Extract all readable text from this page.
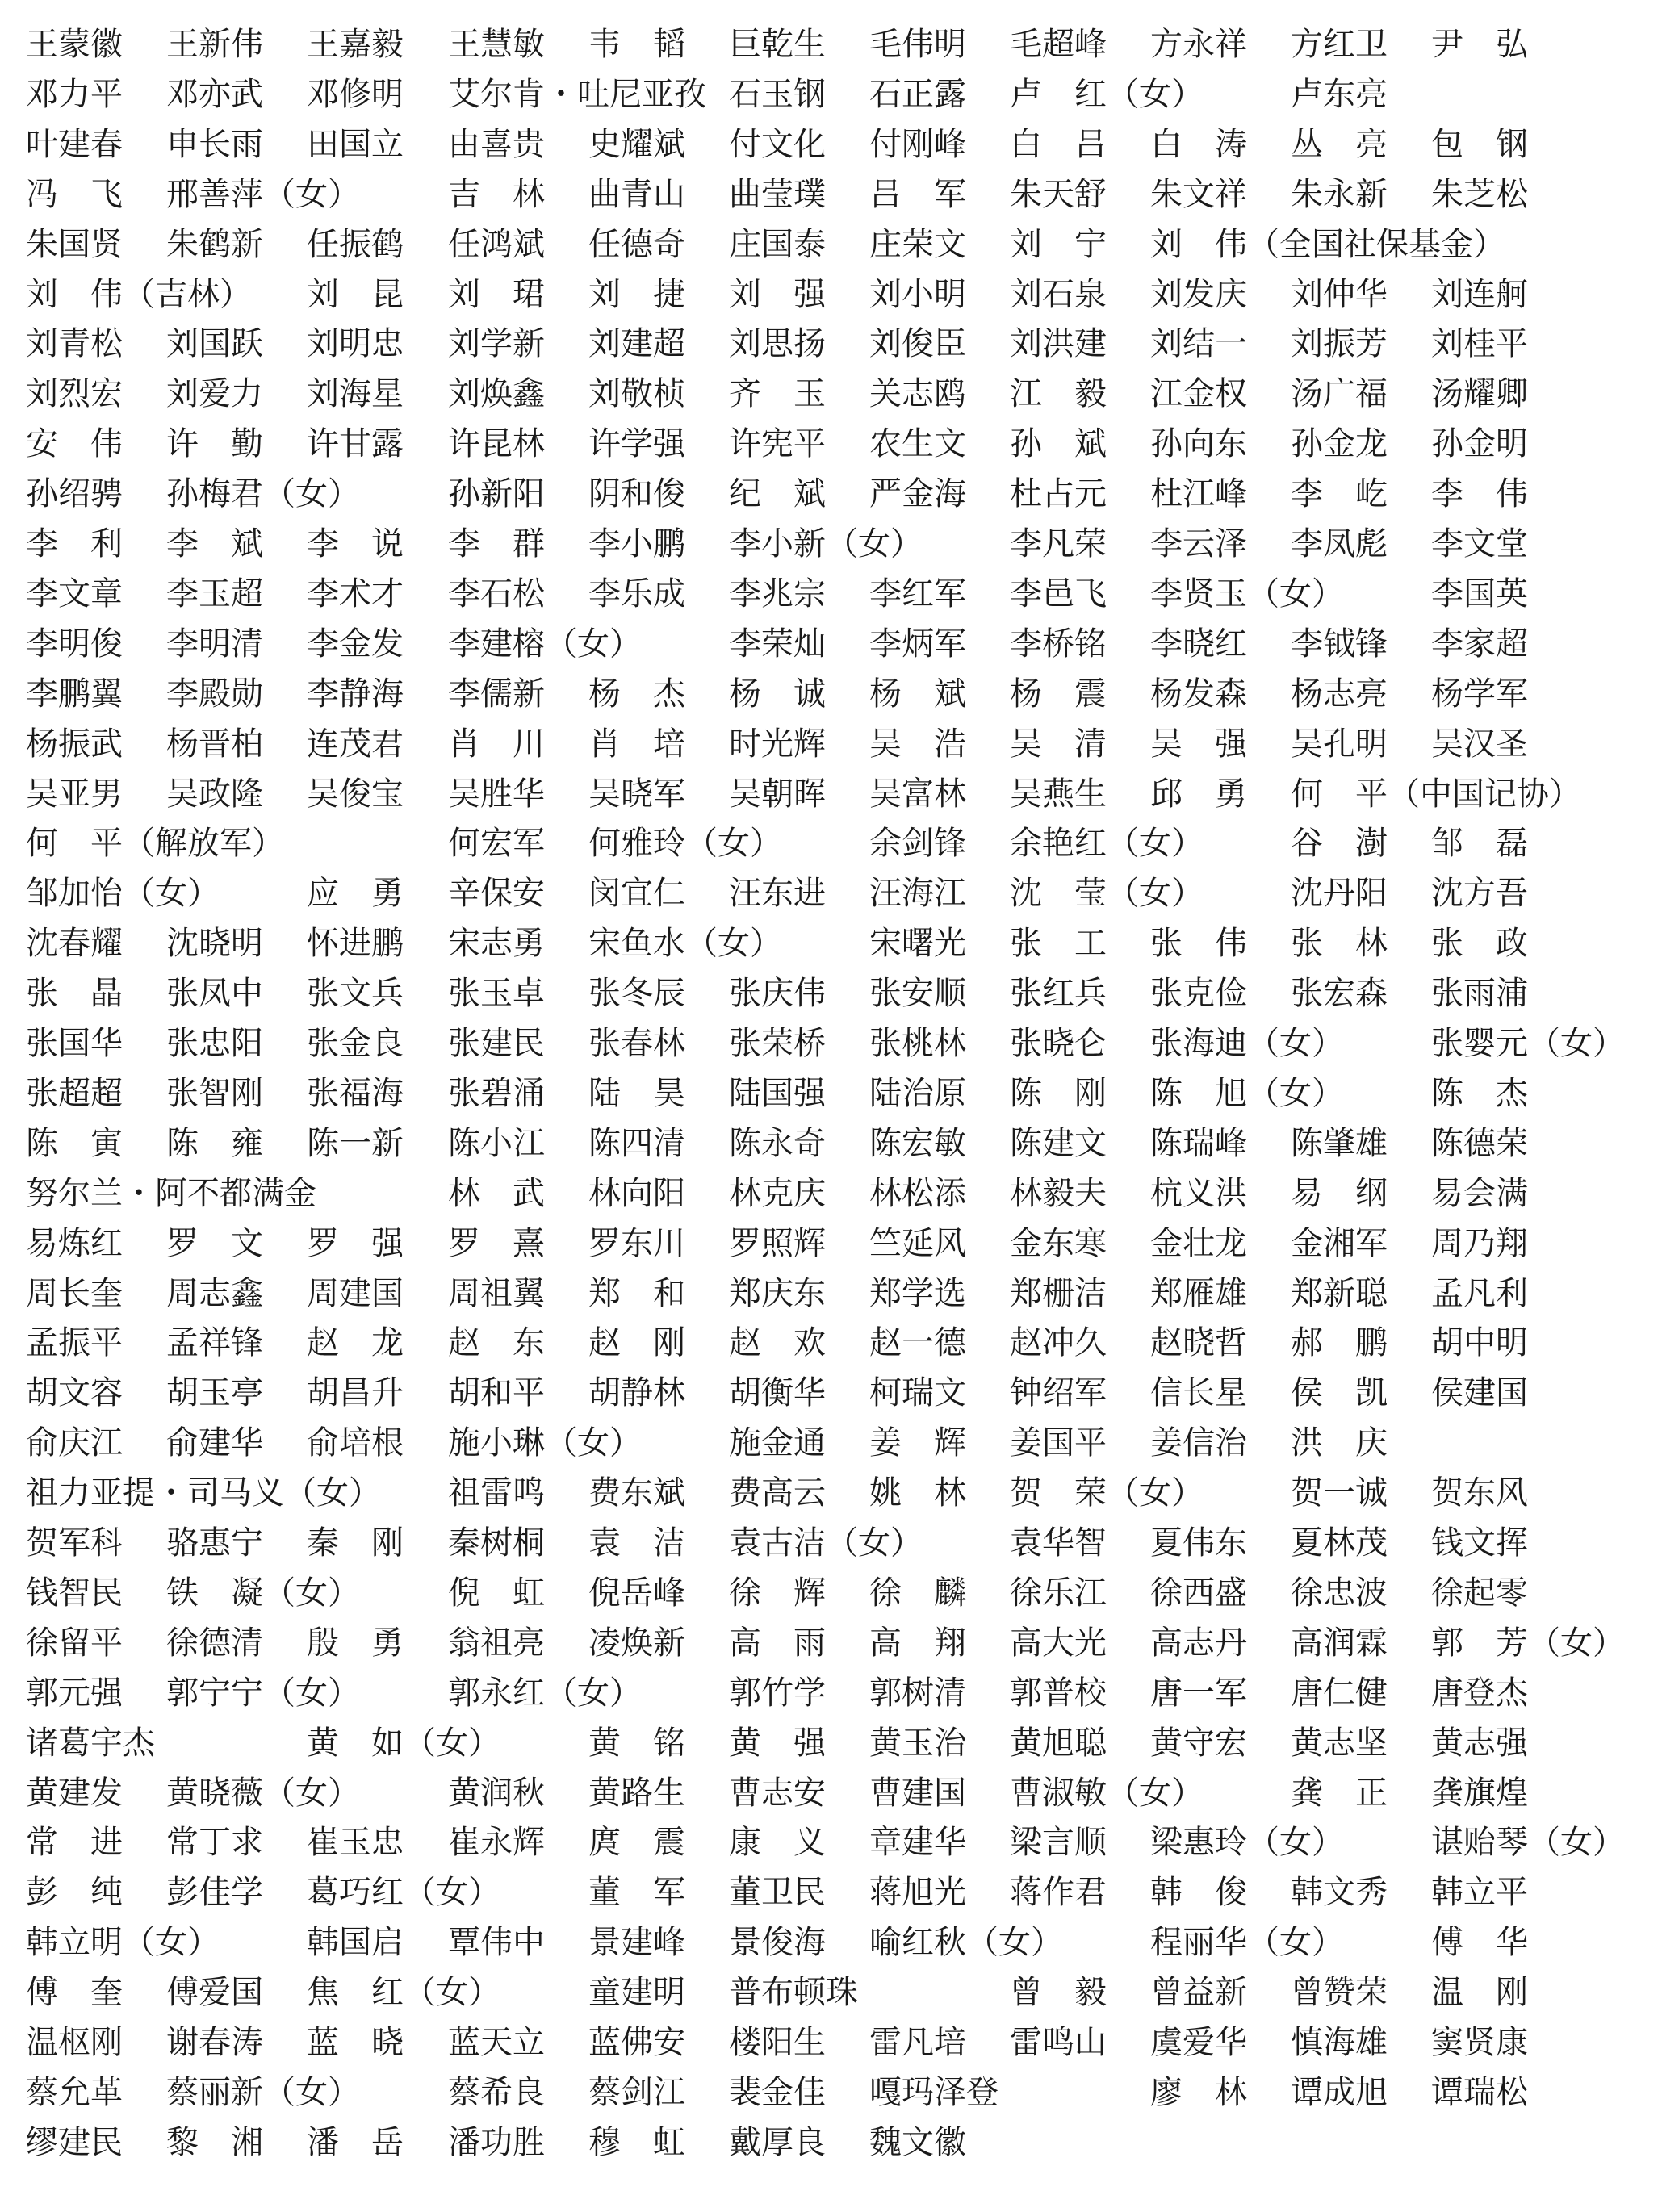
王蒙徽 王新伟 王嘉毅 王慧敏 韦　韬 巨乾生 毛伟明 毛超峰 方永祥 方红卫 尹　弘
邓力平 邓亦武 邓修明 艾尔肯・吐尼亚孜 石玉钢 石正露 卢　红（女）	卢东亮
叶建春 申长雨 田国立 由喜贵 史耀斌 付文化 付刚峰 白　吕 白　涛 丛　亮 包　钢
冯　飞 邢善萍（女）	吉　林 曲青山 曲莹璞 吕　军 朱天舒 朱文祥 朱永新 朱芝松
朱国贤 朱鹤新 任振鹤 任鸿斌 任德奇 庄国泰 庄荣文 刘　宁 刘　伟（全国社保基金）
刘　伟（吉林） 刘　昆 刘　珺 刘　捷 刘　强 刘小明 刘石泉 刘发庆 刘仲华 刘连舸
刘青松 刘国跃 刘明忠 刘学新 刘建超 刘思扬 刘俊臣 刘洪建 刘结一 刘振芳 刘桂平
刘烈宏 刘爱力 刘海星 刘焕鑫 刘敬桢 齐　玉 关志鸥 江　毅 江金权 汤广福 汤耀卿
安　伟 许　勤 许甘露 许昆林 许学强 许宪平 农生文 孙　斌 孙向东 孙金龙 孙金明
孙绍骋 孙梅君（女）	孙新阳 阴和俊 纪　斌 严金海 杜占元 杜江峰 李　屹 李　伟
李　利 李　斌 李　说 李　群 李小鹏 李小新（女）	李凡荣 李云泽 李凤彪 李文堂
李文章 李玉超 李术才 李石松 李乐成 李兆宗 李红军 李邑飞 李贤玉（女）	李国英
李明俊 李明清 李金发 李建榕（女）	李荣灿 李炳军 李桥铭 李晓红 李钺锋 李家超
李鹏翼 李殿勋 李静海 李儒新 杨　杰 杨　诚 杨　斌 杨　震 杨发森 杨志亮 杨学军
杨振武 杨晋柏 连茂君 肖　川 肖　培 时光辉 吴　浩 吴　清 吴　强 吴孔明 吴汉圣
吴亚男 吴政隆 吴俊宝 吴胜华 吴晓军 吴朝晖 吴富林 吴燕生 邱　勇 何　平（中国记协）
何　平（解放军）	何宏军 何雅玲（女）	余剑锋 余艳红（女）	谷　澍 邹　磊
邹加怡（女）	应　勇 辛保安 闵宜仁 汪东进 汪海江 沈　莹（女）	沈丹阳 沈方吾
沈春耀 沈晓明 怀进鹏 宋志勇 宋鱼水（女）	宋曙光 张　工 张　伟 张　林 张　政
张　晶 张凤中 张文兵 张玉卓 张冬辰 张庆伟 张安顺 张红兵 张克俭 张宏森 张雨浦
张国华 张忠阳 张金良 张建民 张春林 张荣桥 张桃林 张晓仑 张海迪（女）	张婴元（女）
张超超 张智刚 张福海 张碧涌 陆　昊 陆国强 陆治原 陈　刚 陈　旭（女）	陈　杰
陈　寅 陈　雍 陈一新 陈小江 陈四清 陈永奇 陈宏敏 陈建文 陈瑞峰 陈肇雄 陈德荣
努尔兰・阿不都满金	林　武 林向阳 林克庆 林松添 林毅夫 杭义洪 易　纲 易会满
易炼红 罗　文 罗　强 罗　熹 罗东川 罗照辉 竺延风 金东寒 金壮龙 金湘军 周乃翔
周长奎 周志鑫 周建国 周祖翼 郑　和 郑庆东 郑学选 郑栅洁 郑雁雄 郑新聪 孟凡利
孟振平 孟祥锋 赵　龙 赵　东 赵　刚 赵　欢 赵一德 赵冲久 赵晓哲 郝　鹏 胡中明
胡文容 胡玉亭 胡昌升 胡和平 胡静林 胡衡华 柯瑞文 钟绍军 信长星 侯　凯 侯建国
俞庆江 俞建华 俞培根 施小琳（女）	施金通 姜　辉 姜国平 姜信治 洪　庆
祖力亚提・司马义（女） 祖雷鸣 费东斌 费高云 姚　林 贺　荣（女）	贺一诚 贺东风
贺军科 骆惠宁 秦　刚 秦树桐 袁　洁 袁古洁（女）	袁华智 夏伟东 夏林茂 钱文挥
钱智民 铁　凝（女）	倪　虹 倪岳峰 徐　辉 徐　麟 徐乐江 徐西盛 徐忠波 徐起零
徐留平 徐德清 殷　勇 翁祖亮 凌焕新 高　雨 高　翔 高大光 高志丹 高润霖 郭　芳（女）
郭元强 郭宁宁（女）	郭永红（女）	郭竹学 郭树清 郭普校 唐一军 唐仁健 唐登杰
诸葛宇杰	黄　如（女）	黄　铭 黄　强 黄玉治 黄旭聪 黄守宏 黄志坚 黄志强
黄建发 黄晓薇（女）	黄润秋 黄路生 曹志安 曹建国 曹淑敏（女）	龚　正 龚旗煌
常　进 常丁求 崔玉忠 崔永辉 庹　震 康　义 章建华 梁言顺 梁惠玲（女）	谌贻琴（女）
彭　纯 彭佳学 葛巧红（女）	董　军 董卫民 蒋旭光 蒋作君 韩　俊 韩文秀 韩立平
韩立明（女）	韩国启 覃伟中 景建峰 景俊海 喻红秋（女）	程丽华（女）	傅　华
傅　奎 傅爱国 焦　红（女）	童建明 普布顿珠	曾　毅 曾益新 曾赞荣 温　刚
温枢刚 谢春涛 蓝　晓 蓝天立 蓝佛安 楼阳生 雷凡培 雷鸣山 虞爱华 慎海雄 窦贤康
蔡允革 蔡丽新（女）	蔡希良 蔡剑江 裴金佳 嘎玛泽登	廖　林 谭成旭 谭瑞松
缪建民 黎　湘 潘　岳 潘功胜 穆　虹 戴厚良 魏文徽
